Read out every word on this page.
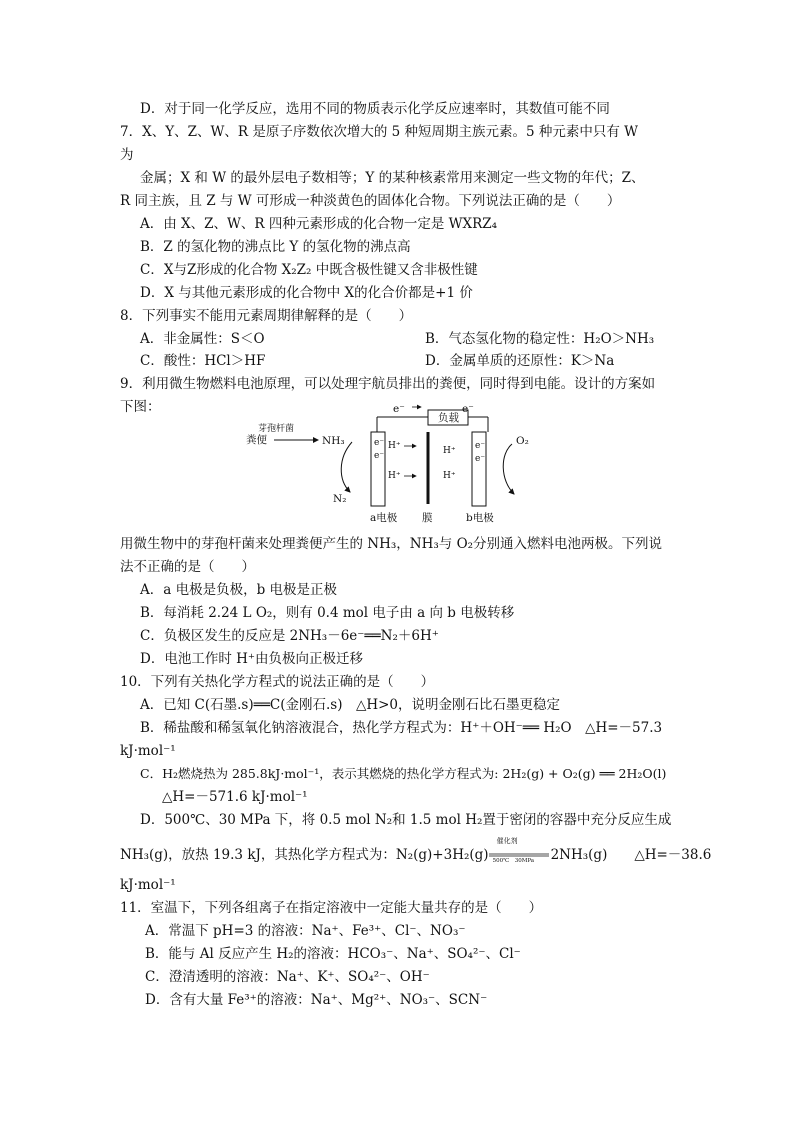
D．对于同一化学反应，选用不同的物质表示化学反应速率时，其数值可能不同
7．X、Y、Z、W、R 是原子序数依次增大的 5 种短周期主族元素。5 种元素中只有 W
为
金属；X 和 W 的最外层电子数相等；Y 的某种核素常用来测定一些文物的年代；Z、
R 同主族，且 Z 与 W 可形成一种淡黄色的固体化合物。下列说法正确的是（　　）
A．由 X、Z、W、R 四种元素形成的化合物一定是 WXRZ₄
B．Z 的氢化物的沸点比 Y 的氢化物的沸点高
C．X与Z形成的化合物 X₂Z₂ 中既含极性键又含非极性键
D．X 与其他元素形成的化合物中 X的化合价都是+1 价
8．下列事实不能用元素周期律解释的是（　　）
A．非金属性：S＜O	B．气态氢化物的稳定性：H₂O＞NH₃
C．酸性：HCl＞HF	D．金属单质的还原性：K＞Na
9．利用微生物燃料电池原理，可以处理宇航员排出的粪便，同时得到电能。设计的方案如
下图：
负载
e⁻	e⁻
粪便
芽孢杆菌
NH₃
N₂
e⁻
e⁻
a电极
H⁺
H⁺
膜
H⁺
H⁺
e⁻
e⁻
b电极
O₂
用微生物中的芽孢杆菌来处理粪便产生的 NH₃，NH₃与 O₂分别通入燃料电池两极。下列说
法不正确的是（　　）
A．a 电极是负极，b 电极是正极
B．每消耗 2.24 L O₂，则有 0.4 mol 电子由 a 向 b 电极转移
C．负极区发生的反应是 2NH₃－6e⁻══N₂＋6H⁺
D．电池工作时 H⁺由负极向正极迁移
10．下列有关热化学方程式的说法正确的是（　　）
A．已知 C(石墨.s)══C(金刚石.s)　△H>0，说明金刚石比石墨更稳定
B．稀盐酸和稀氢氧化钠溶液混合，热化学方程式为：H⁺＋OH⁻══ H₂O　△H=－57.3
kJ·mol⁻¹
C．H₂燃烧热为 285.8kJ·mol⁻¹，表示其燃烧的热化学方程式为: 2H₂(g) + O₂(g) ══ 2H₂O(l)
△H=－571.6 kJ·mol⁻¹
D．500℃、30 MPa 下，将 0.5 mol N₂和 1.5 mol H₂置于密闭的容器中充分反应生成
NH₃(g)，放热 19.3 kJ，其热化学方程式为：N₂(g)+3H₂(g)
催化剂
500℃　30MPa 2NH₃(g)　　△H=－38.6
kJ·mol⁻¹
11．室温下，下列各组离子在指定溶液中一定能大量共存的是（　　）
A．常温下 pH=3 的溶液：Na⁺、Fe³⁺、Cl⁻、NO₃⁻
B．能与 Al 反应产生 H₂的溶液：HCO₃⁻、Na⁺、SO₄²⁻、Cl⁻
C．澄清透明的溶液：Na⁺、K⁺、SO₄²⁻、OH⁻
D．含有大量 Fe³⁺的溶液：Na⁺、Mg²⁺、NO₃⁻、SCN⁻
